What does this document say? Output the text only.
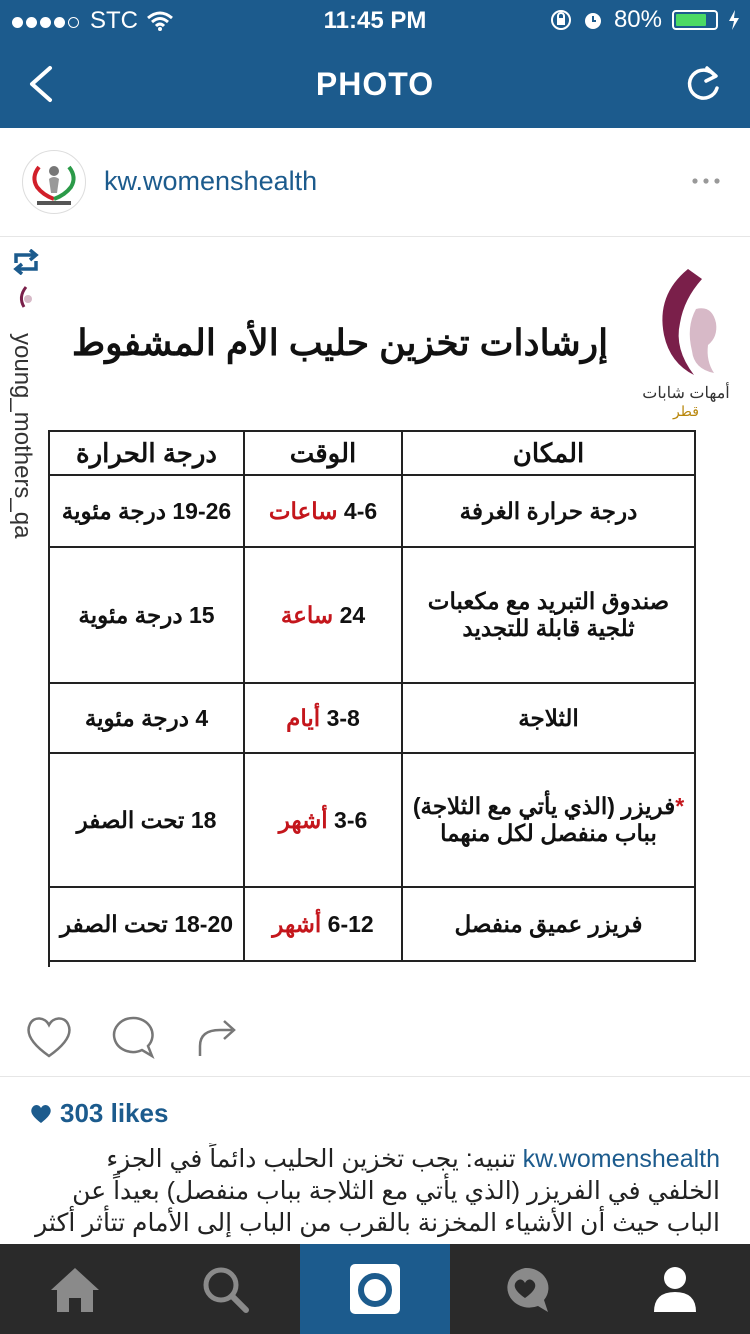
STC	11:45 PM	80%
PHOTO
kw.womenshealth
young_mothers_qa إرشادات تخزين حليب الأم المشفوط
أمهات شابات
قطر
المكان	الوقت	درجة الحرارة
درجة حرارة الغرفة	4-6 ساعات	19-26 درجة مئوية
صندوق التبريد مع مكعبات ثلجية قابلة للتجديد	24 ساعة	15 درجة مئوية
الثلاجة	3-8 أيام	4 درجة مئوية
*فريزر (الذي يأتي مع الثلاجة) بباب منفصل لكل منهما	3-6 أشهر	18 تحت الصفر
فريزر عميق منفصل	6-12 أشهر	18-20 تحت الصفر
303 likes
kw.womenshealth تنبيه: يجب تخزين الحليب دائماً في الجزء الخلفي في الفريزر (الذي يأتي مع الثلاجة بباب منفصل) بعيداً عن الباب حيث أن الأشياء المخزنة بالقرب من الباب إلى الأمام تتأثر أكثر
